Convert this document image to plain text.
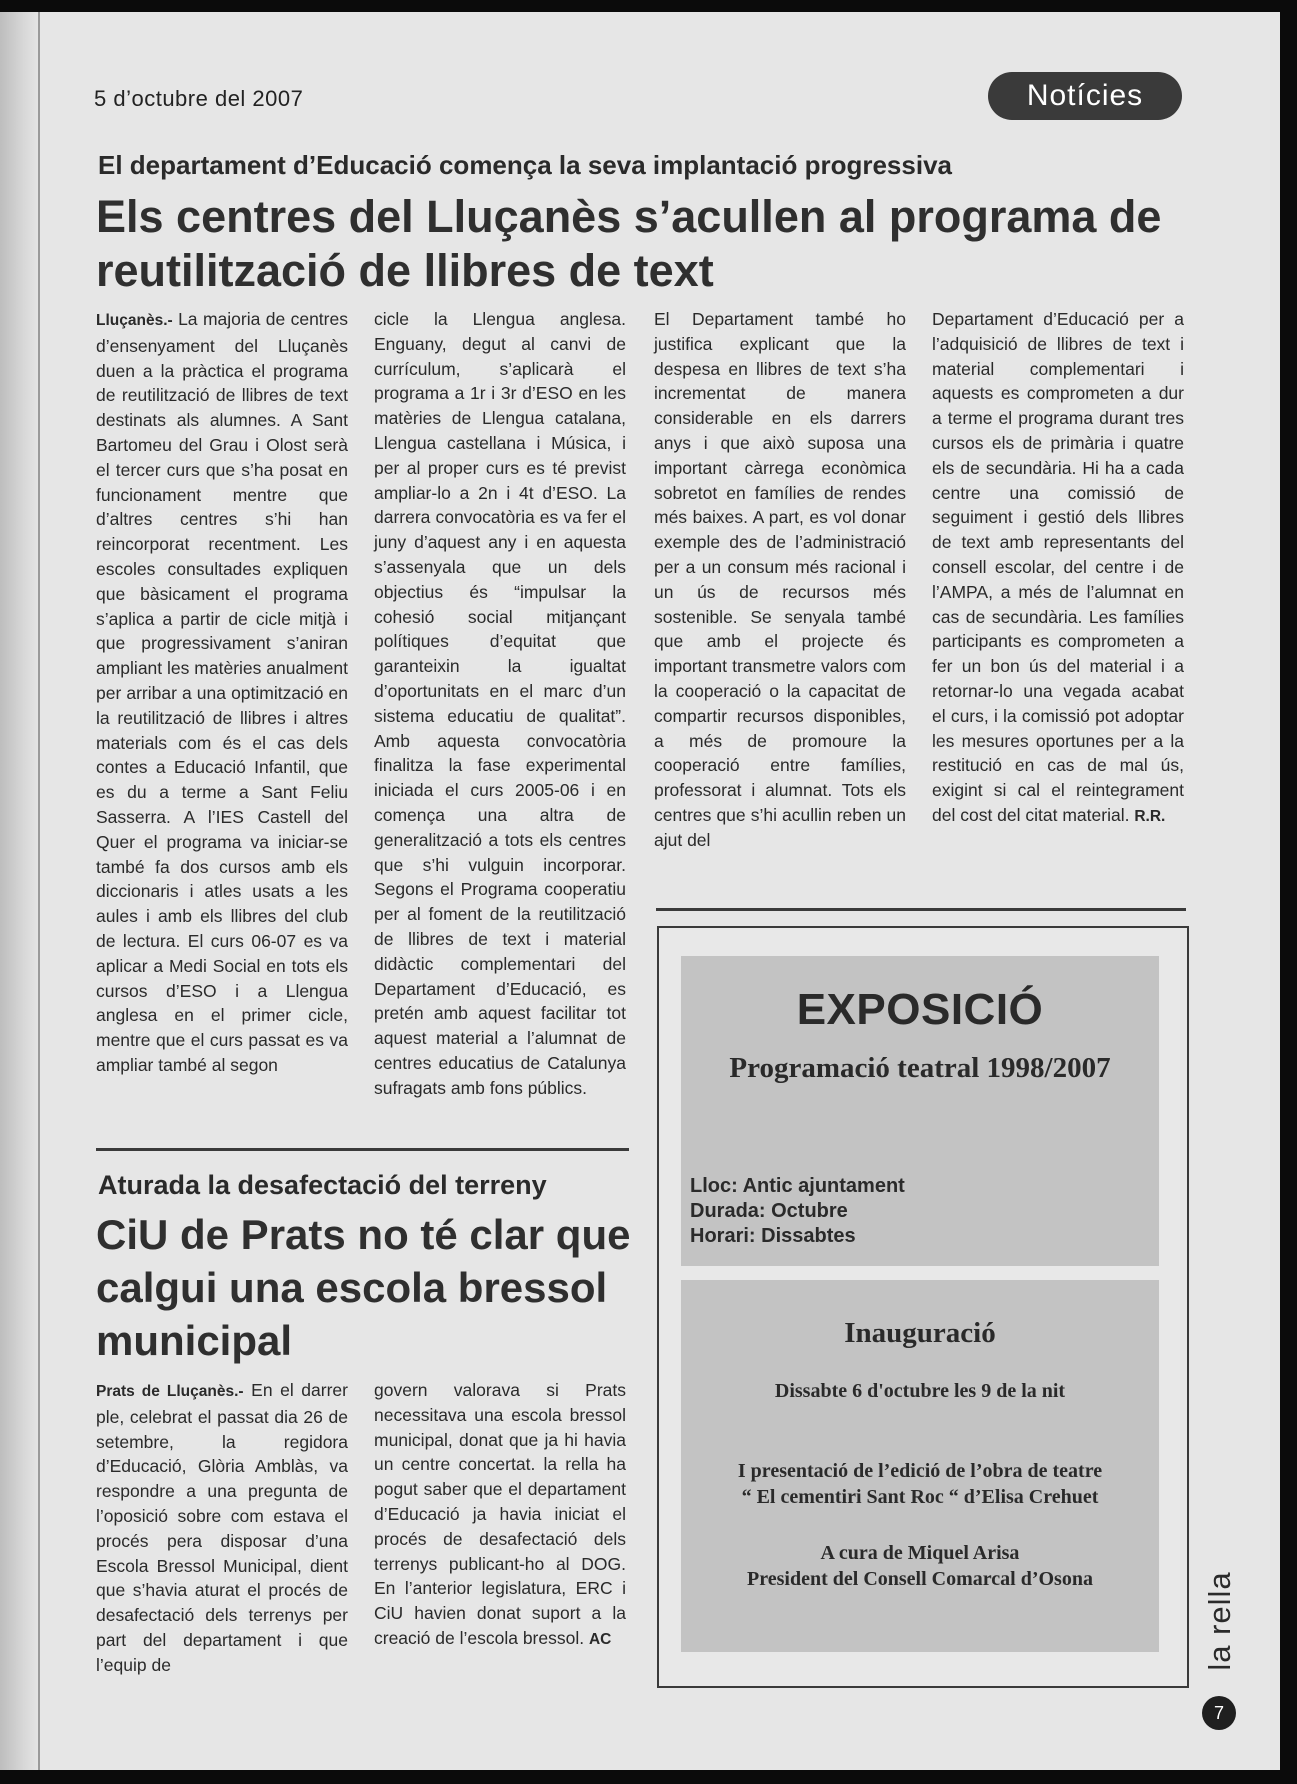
5 d’octubre del 2007	Notícies
El departament d’Educació comença la seva implantació progressiva
Els centres del Lluçanès s’acullen al programa de reutilització de llibres de text

Lluçanès.- La majoria de centres d’ensenyament del Lluçanès duen a la pràctica el programa de reutilització de llibres de text destinats als alumnes. A Sant Bartomeu del Grau i Olost serà el tercer curs que s’ha posat en funcionament mentre que d’altres centres s’hi han reincorporat recentment. Les escoles consultades expliquen que bàsicament el programa s’aplica a partir de cicle mitjà i que progressivament s’aniran ampliant les matèries anualment per arribar a una optimització en la reutilització de llibres i altres materials com és el cas dels contes a Educació Infantil, que es du a terme a Sant Feliu Sasserra. A l’IES Castell del Quer el programa va iniciar-se també fa dos cursos amb els diccionaris i atles usats a les aules i amb els llibres del club de lectura. El curs 06-07 es va aplicar a Medi Social en tots els cursos d’ESO i a Llengua anglesa en el primer cicle, mentre que el curs passat es va ampliar també al segon

cicle la Llengua anglesa. Enguany, degut al canvi de currículum, s’aplicarà el programa a 1r i 3r d’ESO en les matèries de Llengua catalana, Llengua castellana i Música, i per al proper curs es té previst ampliar-lo a 2n i 4t d’ESO. La darrera convocatòria es va fer el juny d’aquest any i en aquesta s’assenyala que un dels objectius és “impulsar la cohesió social mitjançant polítiques d’equitat que garanteixin la igualtat d’oportunitats en el marc d’un sistema educatiu de qualitat”. Amb aquesta convocatòria finalitza la fase experimental iniciada el curs 2005-06 i en comença una altra de generalització a tots els centres que s’hi vulguin incorporar. Segons el Programa cooperatiu per al foment de la reutilització de llibres de text i material didàctic complementari del Departament d’Educació, es pretén amb aquest facilitar tot aquest material a l’alumnat de centres educatius de Catalunya sufragats amb fons públics.

El Departament també ho justifica explicant que la despesa en llibres de text s’ha incrementat de manera considerable en els darrers anys i que això suposa una important càrrega econòmica sobretot en famílies de rendes més baixes. A part, es vol donar exemple des de l’administració per a un consum més racional i un ús de recursos més sostenible. Se senyala també que amb el projecte és important transmetre valors com la cooperació o la capacitat de compartir recursos disponibles, a més de promoure la cooperació entre famílies, professorat i alumnat. Tots els centres que s’hi acullin reben un ajut del

Departament d’Educació per a l’adquisició de llibres de text i material complementari i aquests es comprometen a dur a terme el programa durant tres cursos els de primària i quatre els de secundària. Hi ha a cada centre una comissió de seguiment i gestió dels llibres de text amb representants del consell escolar, del centre i de l’AMPA, a més de l’alumnat en cas de secundària. Les famílies participants es comprometen a fer un bon ús del material i a retornar-lo una vegada acabat el curs, i la comissió pot adoptar les mesures oportunes per a la restitució en cas de mal ús, exigint si cal el reintegrament del cost del citat material. R.R.

Aturada la desafectació del terreny
CiU de Prats no té clar que calgui una escola bressol municipal

Prats de Lluçanès.- En el darrer ple, celebrat el passat dia 26 de setembre, la regidora d’Educació, Glòria Amblàs, va respondre a una pregunta de l’oposició sobre com estava el procés pera disposar d’una Escola Bressol Municipal, dient que s’havia aturat el procés de desafectació dels terrenys per part del departament i que l’equip de

govern valorava si Prats necessitava una escola bressol municipal, donat que ja hi havia un centre concertat. la rella ha pogut saber que el departament d’Educació ja havia iniciat el procés de desafectació dels terrenys publicant-ho al DOG. En l’anterior legislatura, ERC i CiU havien donat suport a la creació de l’escola bressol. AC

EXPOSICIÓ
Programació teatral 1998/2007
Lloc: Antic ajuntament
Durada: Octubre
Horari: Dissabtes
Inauguració
Dissabte 6 d'octubre les 9 de la nit
I presentació de l’edició de l’obra de teatre
“ El cementiri Sant Roc “ d’Elisa Crehuet
A cura de Miquel Arisa
President del Consell Comarcal d’Osona	la rella
7
